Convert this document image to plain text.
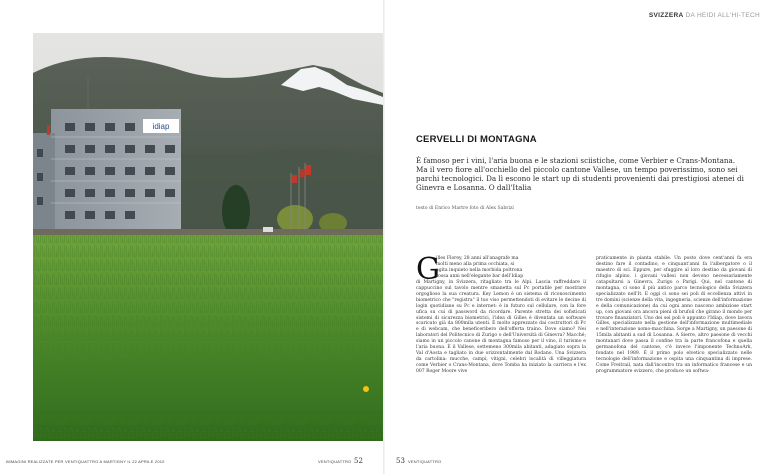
SVIZZERA DA HEIDI ALL'HI-TECH
idiap
CERVELLI DI MONTAGNA

È famoso per i vini, l'aria buona e le stazioni sciistiche, come Verbier e Crans-Montana. Ma il vero fiore all'occhiello del piccolo cantone Vallese, un tempo poverissimo, sono sei parchi tecnologici. Da lì escono le start up di studenti provenienti dai prestigiosi atenei di Ginevra e Losanna. O dall'Italia

testo di Enrico Martre foto di Alex Sabrizi

G
illes Florey, 28 anni all'anagrafe ma
molti meno alla prima occhiata, si
agita inquieto nella morbida poltrona
rossa anni nell'elegante bar dell'Idiap
di Martigny, in Svizzera, ritagliato tra le Alpi. Lascia raffreddare il cappuccino sul tavolo mentre smanetta sul Pc portatile per mostrare orgoglioso la sua creatura. Key Lemon è un sistema di riconoscimento biometrico che "registra" il tuo viso permettendoti di evitare le decine di login quotidiane su Pc e internet: è in futuro sul cellulare, con la fore ufica su cui di password da ricordare. Parente stretta dei sofisticati sistemi di sicurezza biometrici, l'idea di Gilles è diventata un software scaricato già da 800mila utenti. È molto apprezzato dai costruttori di Pc e di webcam, che beneficeribero dell'offerta traino. Dove siamo? Nei laboratori del Politecnico di Zurigo o dell'Università di Ginevra? Macché; siamo in un piccolo canone di montagna famoso per il vino, il turismo e l'aria buona. È il Vallese, settemeno 300mila abitanti, adagiato sopra la Val d'Aosta e tagliato in due orizzontalmente dal Rodano. Una Svizzera da cartolina: mucche, campi, vitigni, celebri località di villeggiatura come Verbier o Crans-Montana, dove Tomba ha iniziato la carriera e l'ex 007 Roger Moore vive

praticamente in pianta stabile. Un posto dove cent'anni fa era destino fare il contadino, e cinquant'anni fa l'albergatore o il maestro di sci. Eppure, per sfuggire al loro destino da giovani di rifugio alpino, i giovani vallesi non devono necessariamente catapultarsi a Ginevra, Zurigo o Parigi. Qui, nel cantone di montagna, ci sono il più antico parco tecnologico della Svizzera specializzato nell'It. E oggi ci sono sei poli di eccellenza attivi in tre domini (scienze della vita, ingegneria, scienze dell'informazione e della comunicazione) da cui ogni anno nascono ambiziose start up, con giovani ora ancora pieni di brufoli che girano il mondo per trovare finanziatori. Uno dei sei poli è appunto l'Idiap, dove lavora Gilles, specializzato nella gestione dell'informazione multimediale e nell'interazione uomo-macchina. Sorge a Martigny, un paesone di 15mila abitanti a sud di Losanna. A Sierre, altro paesone di vecchi montanari dove passa il confine tra la parte francofona e quella germanofona del cantone, c'è invece l'imponente TechnoArk, fondato nel 1989. È il primo polo elvetico specializzato nelle tecnologie dell'informazione e ospita una cinquantina di imprese. Come Freitrail, nata dall'incontro tra un informatico francese e un programmatore svizzero, che produce un softwa-

IMMAGINI REALIZZATE PER VENTIQUATTRO A MARTIGNY IL 22 APRILE 2010	VENTIQUATTRO 52	53 VENTIQUATTRO
